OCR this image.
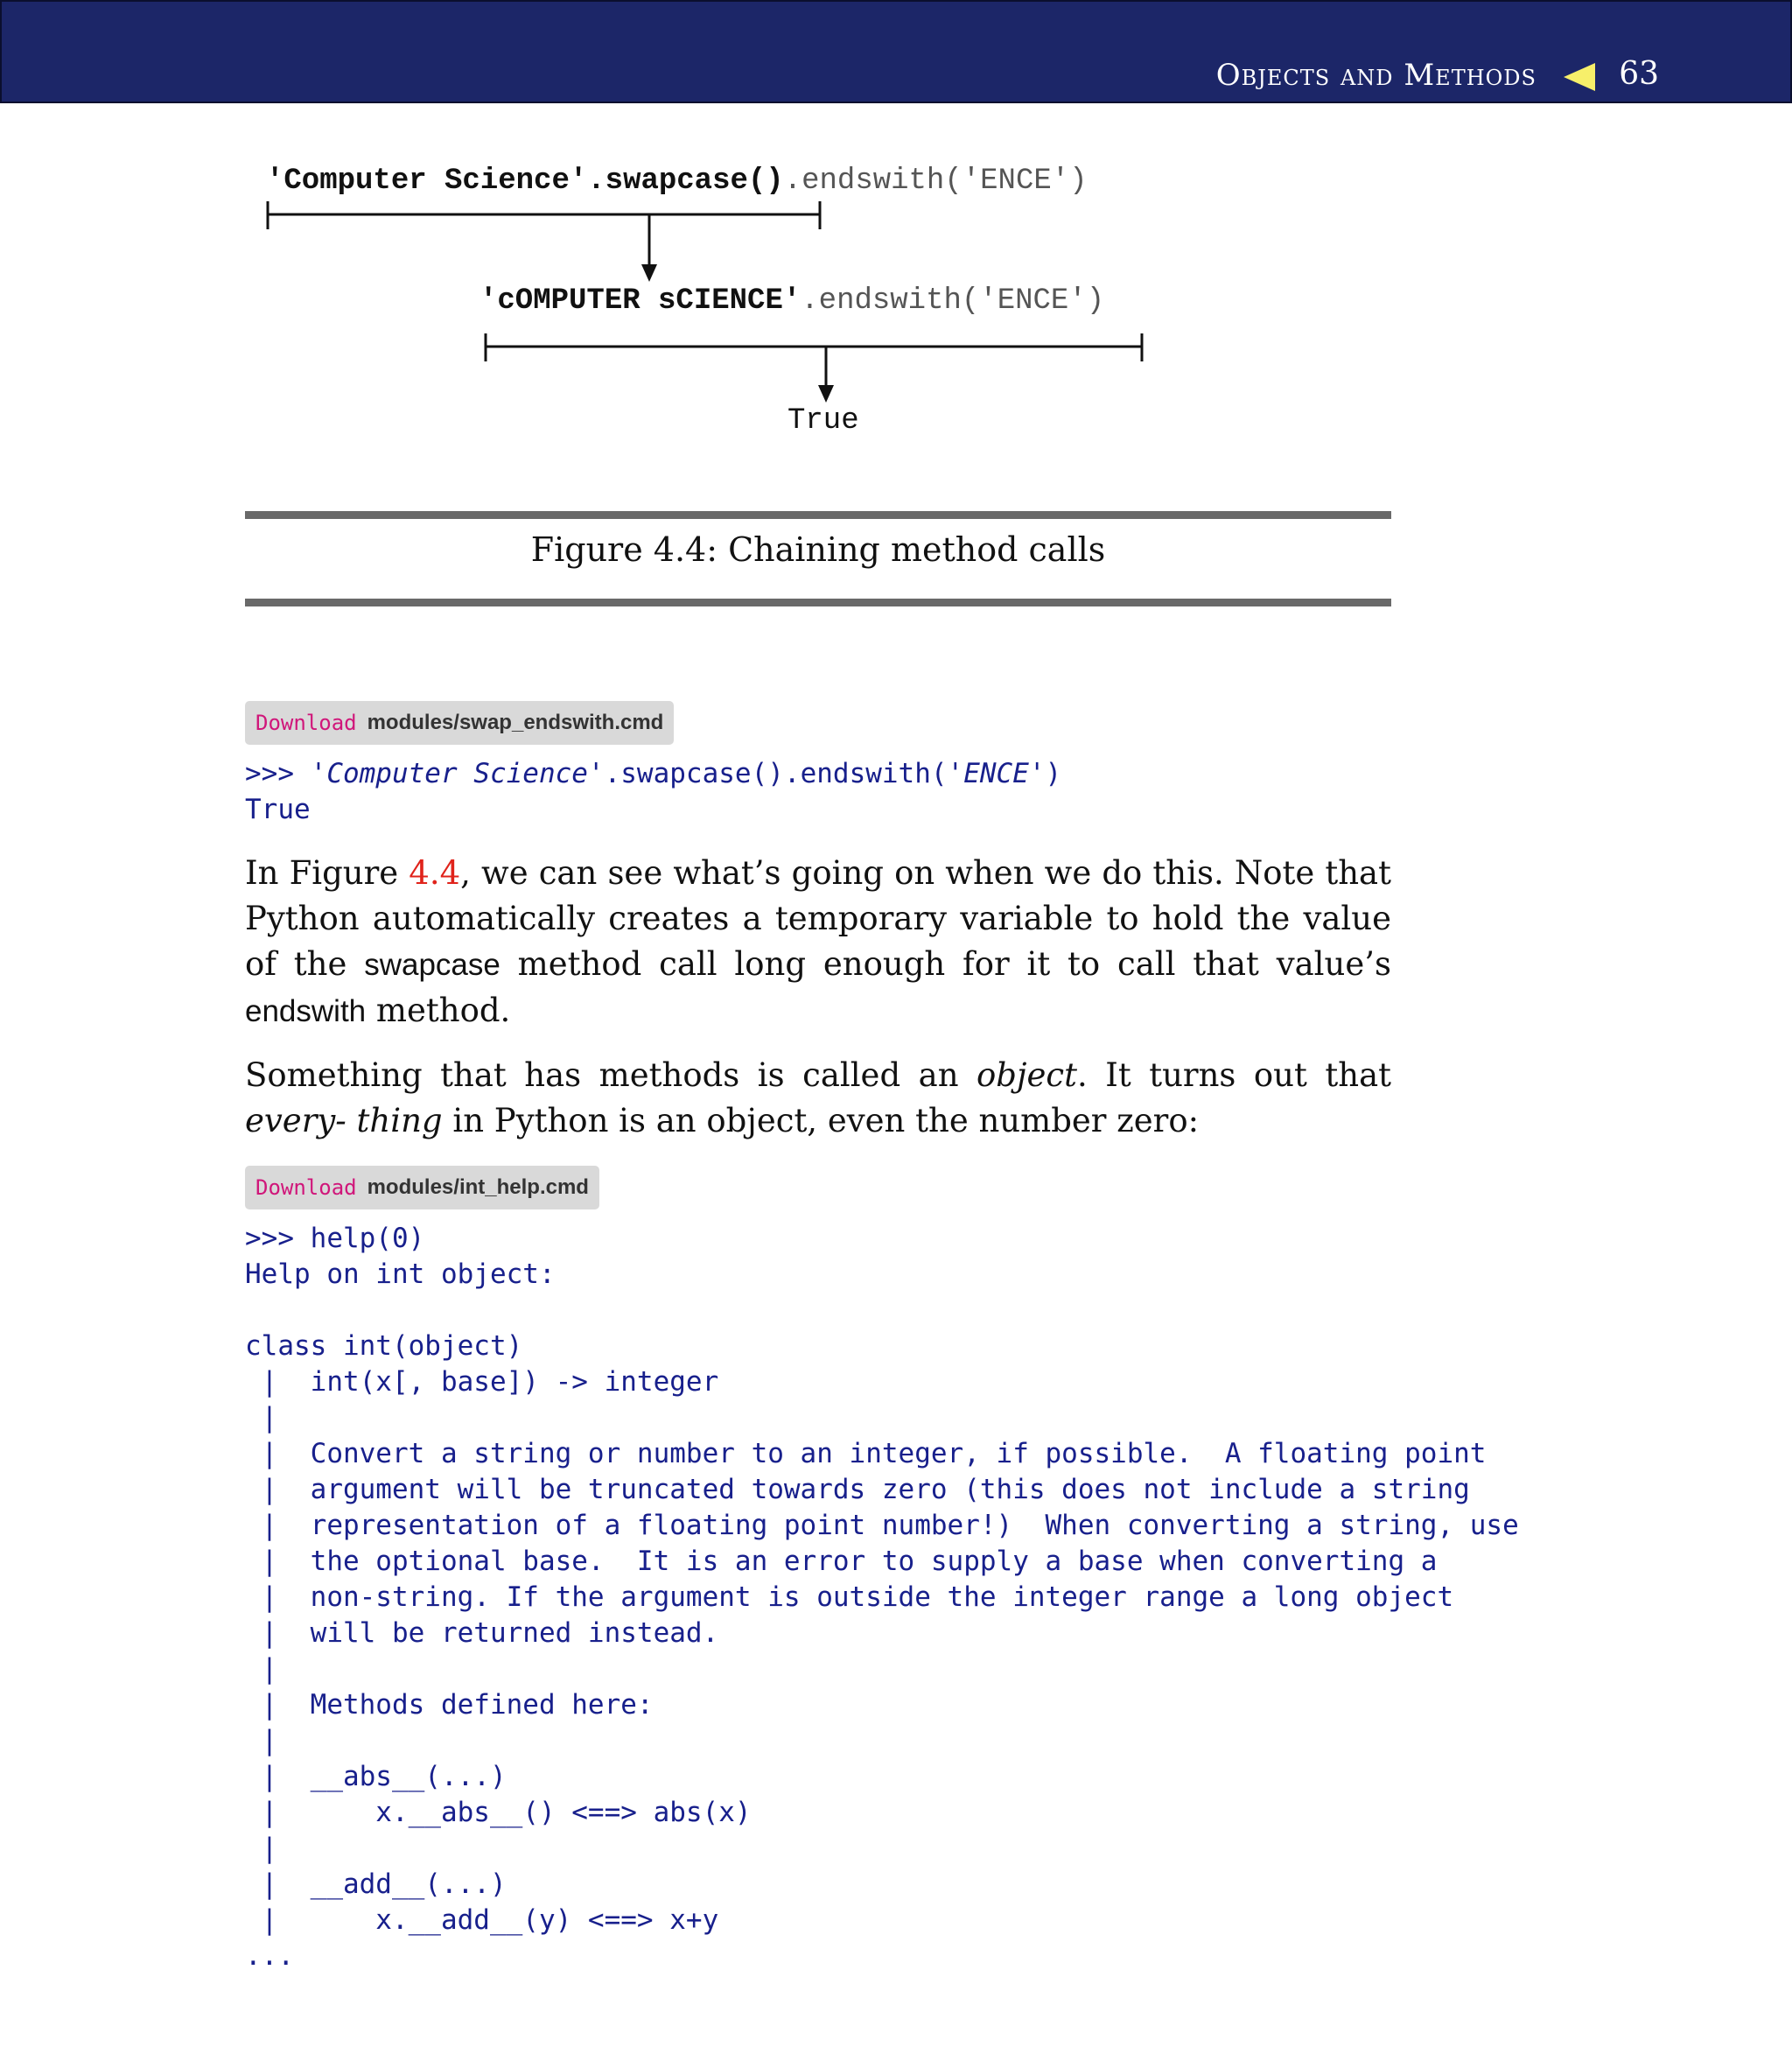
Objects and Methods	63
'Computer Science'.swapcase().endswith('ENCE')
'cOMPUTER sCIENCE'.endswith('ENCE')
True
Figure 4.4: Chaining method calls
Download modules/swap_endswith.cmd
>>> 'Computer Science'.swapcase().endswith('ENCE')
True

In Figure 4.4, we can see what’s going on when we do this. Note that Python automatically creates a temporary variable to hold the value of the swapcase method call long enough for it to call that value’s endswith method.

Something that has methods is called an object. It turns out that every- thing in Python is an object, even the number zero:

Download modules/int_help.cmd
>>> help(0)
Help on int object:

class int(object)
|  int(x[, base]) -> integer
|
|  Convert a string or number to an integer, if possible.  A floating point
|  argument will be truncated towards zero (this does not include a string
|  representation of a floating point number!)  When converting a string, use
|  the optional base.  It is an error to supply a base when converting a
|  non-string. If the argument is outside the integer range a long object
|  will be returned instead.
|
|  Methods defined here:
|
|  __abs__(...)
|      x.__abs__() <==> abs(x)
|
|  __add__(...)
|      x.__add__(y) <==> x+y
...
